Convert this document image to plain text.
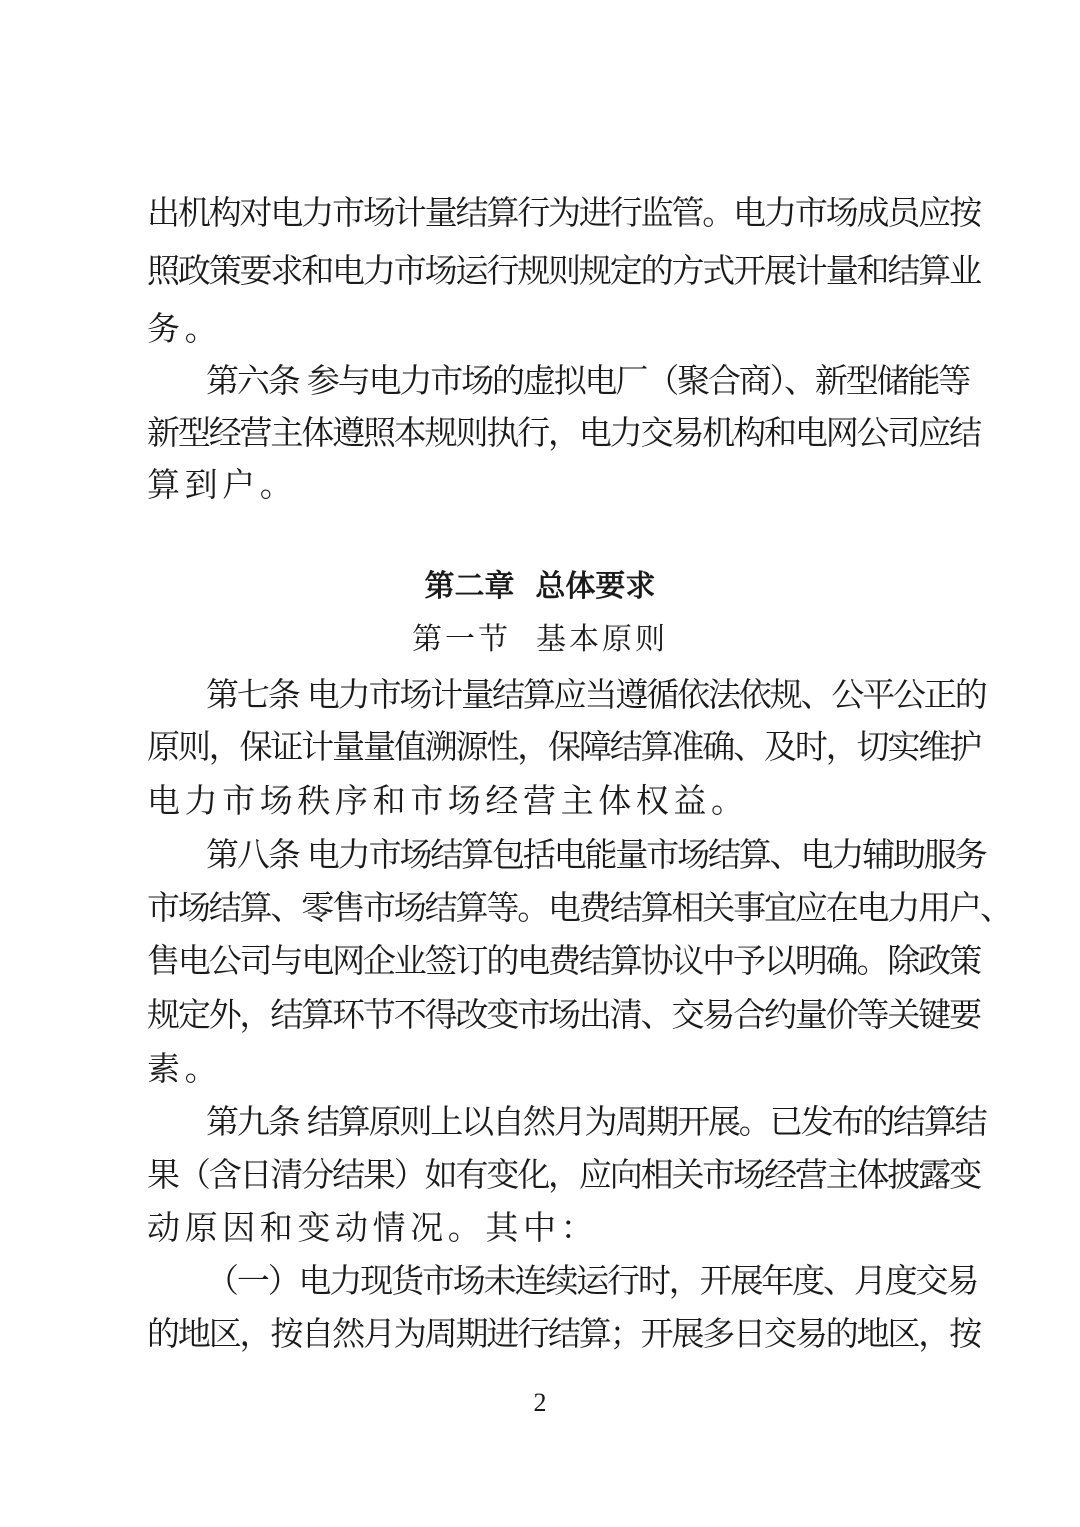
出机构对电力市场计量结算行为进行监管。电力市场成员应按
照政策要求和电力市场运行规则规定的方式开展计量和结算业
务。
第六条 参与电力市场的虚拟电厂（聚合商）、新型储能等
新型经营主体遵照本规则执行，电力交易机构和电网公司应结
算到户。
第二章  总体要求
第一节  基本原则
第七条 电力市场计量结算应当遵循依法依规、公平公正的
原则，保证计量量值溯源性，保障结算准确、及时，切实维护
电力市场秩序和市场经营主体权益。
第八条 电力市场结算包括电能量市场结算、电力辅助服务
市场结算、零售市场结算等。电费结算相关事宜应在电力用户、
售电公司与电网企业签订的电费结算协议中予以明确。除政策
规定外，结算环节不得改变市场出清、交易合约量价等关键要
素。
第九条 结算原则上以自然月为周期开展。已发布的结算结
果（含日清分结果）如有变化，应向相关市场经营主体披露变
动原因和变动情况。其中：
（一）电力现货市场未连续运行时，开展年度、月度交易
的地区，按自然月为周期进行结算；开展多日交易的地区，按
2
